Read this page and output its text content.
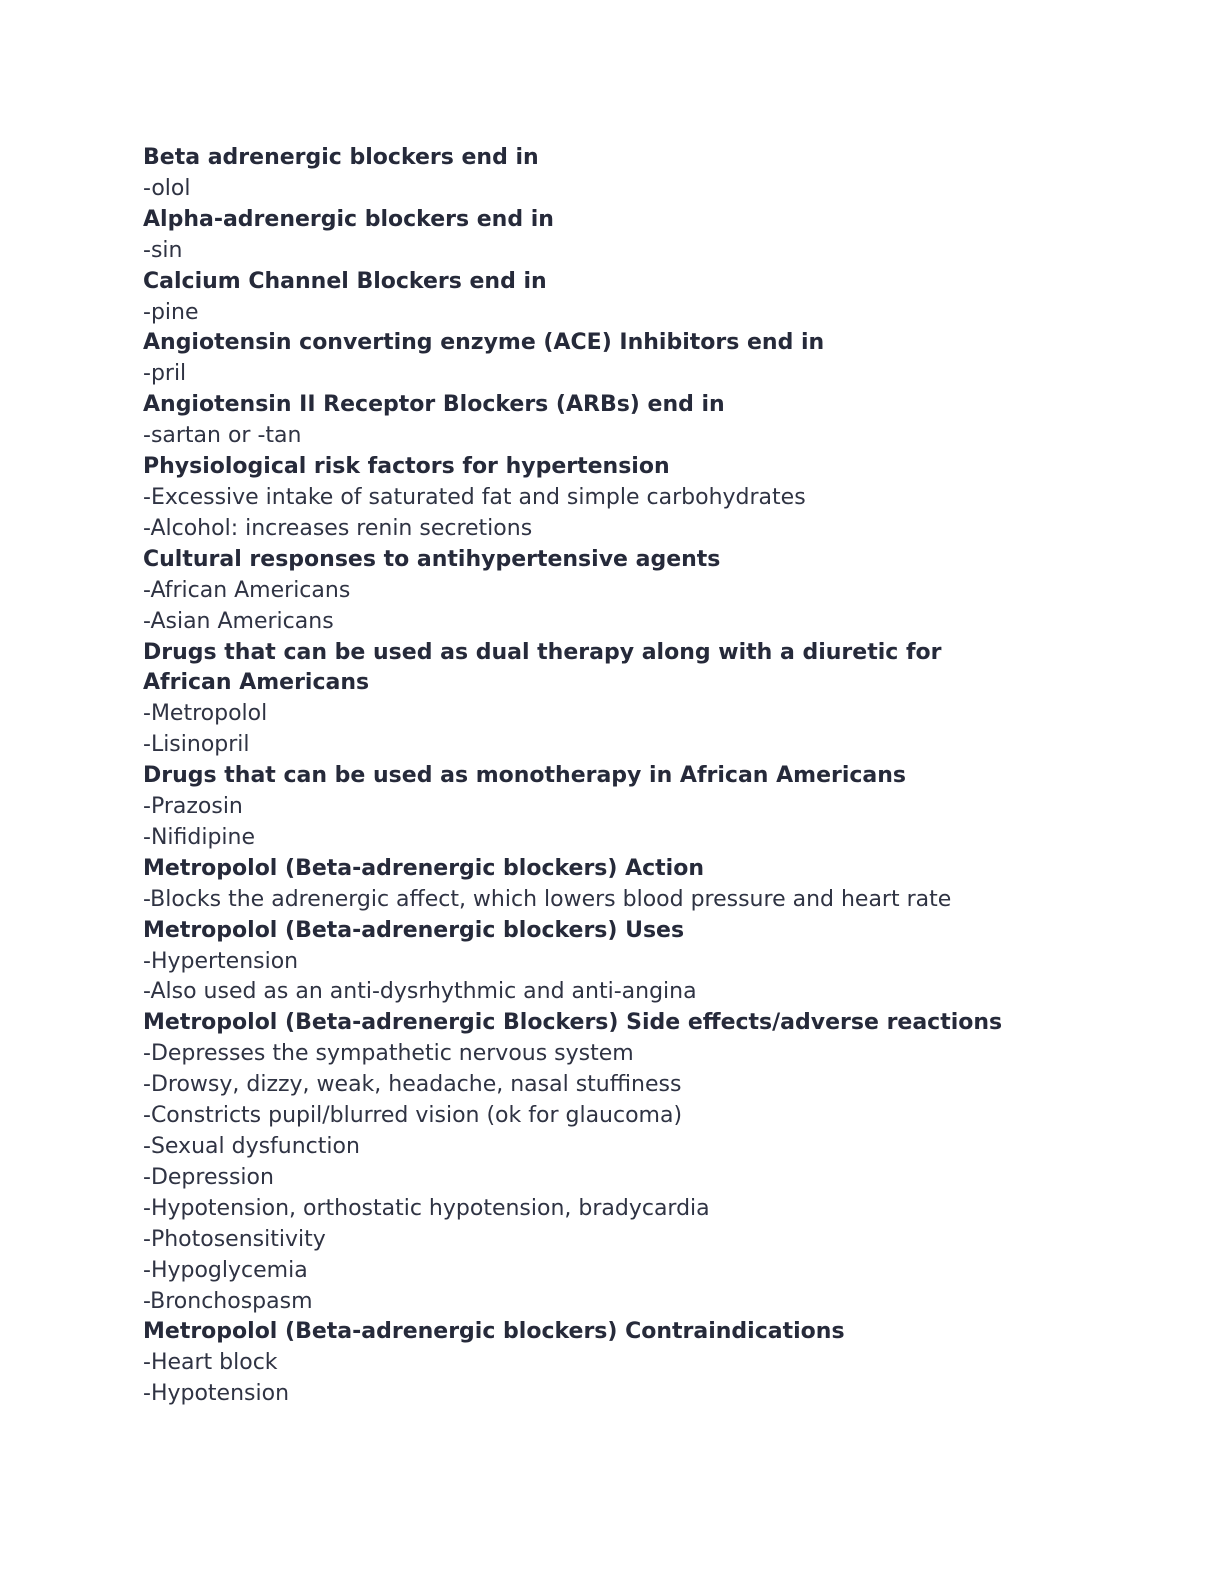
Beta adrenergic blockers end in

-olol

Alpha-adrenergic blockers end in

-sin

Calcium Channel Blockers end in

-pine

Angiotensin converting enzyme (ACE) Inhibitors end in

-pril

Angiotensin II Receptor Blockers (ARBs) end in

-sartan or -tan

Physiological risk factors for hypertension

-Excessive intake of saturated fat and simple carbohydrates

-Alcohol: increases renin secretions

Cultural responses to antihypertensive agents

-African Americans

-Asian Americans

Drugs that can be used as dual therapy along with a diuretic for African Americans

-Metropolol

-Lisinopril

Drugs that can be used as monotherapy in African Americans

-Prazosin

-Nifidipine

Metropolol (Beta-adrenergic blockers) Action

-Blocks the adrenergic affect, which lowers blood pressure and heart rate

Metropolol (Beta-adrenergic blockers) Uses

-Hypertension

-Also used as an anti-dysrhythmic and anti-angina

Metropolol (Beta-adrenergic Blockers) Side effects/adverse reactions

-Depresses the sympathetic nervous system

-Drowsy, dizzy, weak, headache, nasal stuffiness

-Constricts pupil/blurred vision (ok for glaucoma)

-Sexual dysfunction

-Depression

-Hypotension, orthostatic hypotension, bradycardia

-Photosensitivity

-Hypoglycemia

-Bronchospasm

Metropolol (Beta-adrenergic blockers) Contraindications

-Heart block

-Hypotension
